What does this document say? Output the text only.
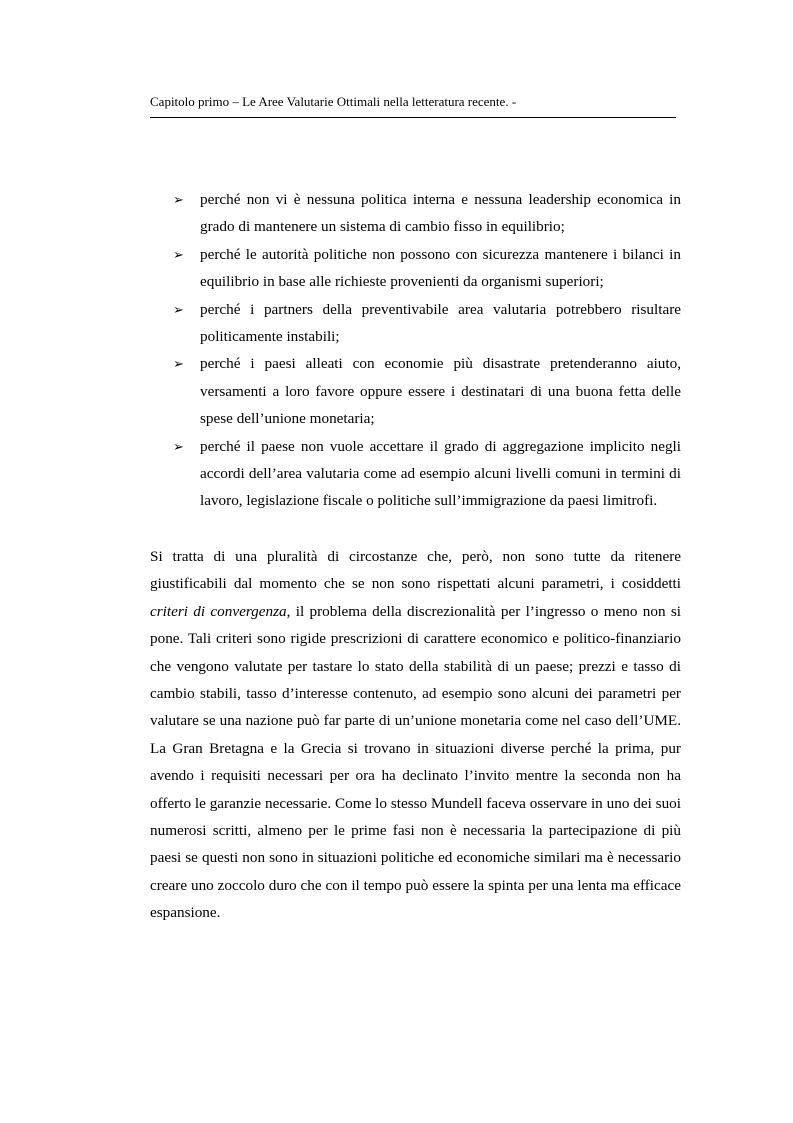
Capitolo primo – Le Aree Valutarie Ottimali nella letteratura recente. -
➢ perché non vi è nessuna politica interna e nessuna leadership economica in grado di mantenere un sistema di cambio fisso in equilibrio;
➢ perché le autorità politiche non possono con sicurezza mantenere i bilanci in equilibrio in base alle richieste provenienti da organismi superiori;
➢ perché i partners della preventivabile area valutaria potrebbero risultare politicamente instabili;
➢ perché i paesi alleati con economie più disastrate pretenderanno aiuto, versamenti a loro favore oppure essere i destinatari di una buona fetta delle spese dell’unione monetaria;
➢ perché il paese non vuole accettare il grado di aggregazione implicito negli accordi dell’area valutaria come ad esempio alcuni livelli comuni in termini di lavoro, legislazione fiscale o politiche sull’immigrazione da paesi limitrofi.

Si tratta di una pluralità di circostanze che, però, non sono tutte da ritenere giustificabili dal momento che se non sono rispettati alcuni parametri, i cosiddetti criteri di convergenza, il problema della discrezionalità per l’ingresso o meno non si pone. Tali criteri sono rigide prescrizioni di carattere economico e politico-finanziario che vengono valutate per tastare lo stato della stabilità di un paese; prezzi e tasso di cambio stabili, tasso d’interesse contenuto, ad esempio sono alcuni dei parametri per valutare se una nazione può far parte di un’unione monetaria come nel caso dell’UME. La Gran Bretagna e la Grecia si trovano in situazioni diverse perché la prima, pur avendo i requisiti necessari per ora ha declinato l’invito mentre la seconda non ha offerto le garanzie necessarie. Come lo stesso Mundell faceva osservare in uno dei suoi numerosi scritti, almeno per le prime fasi non è necessaria la partecipazione di più paesi se questi non sono in situazioni politiche ed economiche similari ma è necessario creare uno zoccolo duro che con il tempo può essere la spinta per una lenta ma efficace espansione.
